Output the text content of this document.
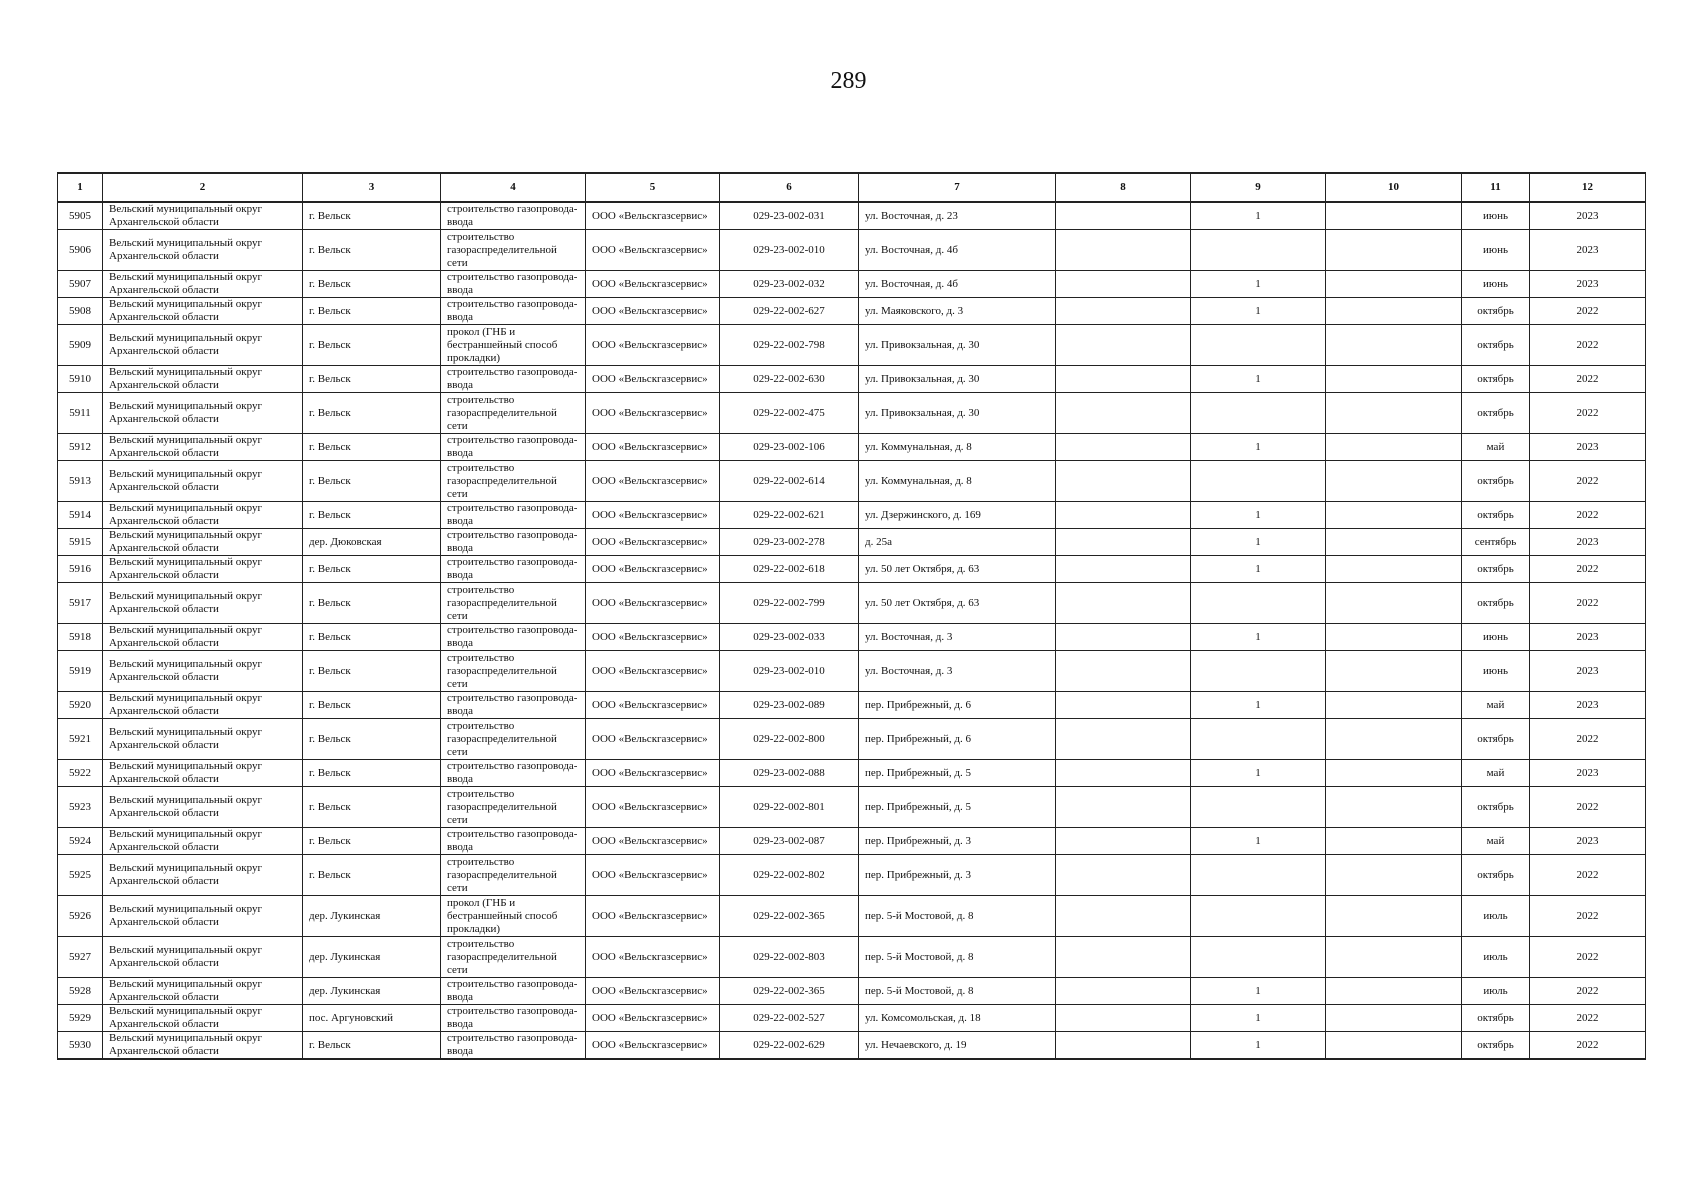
289
1	2	3	4	5	6	7	8	9	10	11	12
5905	Вельский муниципальный округ Архангельской области	г. Вельск	строительство газопровода-ввода	ООО «Вельскгазсервис»	029-23-002-031	ул. Восточная, д. 23		1		июнь	2023
5906	Вельский муниципальный округ Архангельской области	г. Вельск	строительство газораспределительной сети	ООО «Вельскгазсервис»	029-23-002-010	ул. Восточная, д. 4б				июнь	2023
5907	Вельский муниципальный округ Архангельской области	г. Вельск	строительство газопровода-ввода	ООО «Вельскгазсервис»	029-23-002-032	ул. Восточная, д. 4б		1		июнь	2023
5908	Вельский муниципальный округ Архангельской области	г. Вельск	строительство газопровода-ввода	ООО «Вельскгазсервис»	029-22-002-627	ул. Маяковского, д. 3		1		октябрь	2022
5909	Вельский муниципальный округ Архангельской области	г. Вельск	прокол (ГНБ и бестраншейный способ прокладки)	ООО «Вельскгазсервис»	029-22-002-798	ул. Привокзальная, д. 30				октябрь	2022
5910	Вельский муниципальный округ Архангельской области	г. Вельск	строительство газопровода-ввода	ООО «Вельскгазсервис»	029-22-002-630	ул. Привокзальная, д. 30		1		октябрь	2022
5911	Вельский муниципальный округ Архангельской области	г. Вельск	строительство газораспределительной сети	ООО «Вельскгазсервис»	029-22-002-475	ул. Привокзальная, д. 30				октябрь	2022
5912	Вельский муниципальный округ Архангельской области	г. Вельск	строительство газопровода-ввода	ООО «Вельскгазсервис»	029-23-002-106	ул. Коммунальная, д. 8		1		май	2023
5913	Вельский муниципальный округ Архангельской области	г. Вельск	строительство газораспределительной сети	ООО «Вельскгазсервис»	029-22-002-614	ул. Коммунальная, д. 8				октябрь	2022
5914	Вельский муниципальный округ Архангельской области	г. Вельск	строительство газопровода-ввода	ООО «Вельскгазсервис»	029-22-002-621	ул. Дзержинского, д. 169		1		октябрь	2022
5915	Вельский муниципальный округ Архангельской области	дер. Дюковская	строительство газопровода-ввода	ООО «Вельскгазсервис»	029-23-002-278	д. 25а		1		сентябрь	2023
5916	Вельский муниципальный округ Архангельской области	г. Вельск	строительство газопровода-ввода	ООО «Вельскгазсервис»	029-22-002-618	ул. 50 лет Октября, д. 63		1		октябрь	2022
5917	Вельский муниципальный округ Архангельской области	г. Вельск	строительство газораспределительной сети	ООО «Вельскгазсервис»	029-22-002-799	ул. 50 лет Октября, д. 63				октябрь	2022
5918	Вельский муниципальный округ Архангельской области	г. Вельск	строительство газопровода-ввода	ООО «Вельскгазсервис»	029-23-002-033	ул. Восточная, д. 3		1		июнь	2023
5919	Вельский муниципальный округ Архангельской области	г. Вельск	строительство газораспределительной сети	ООО «Вельскгазсервис»	029-23-002-010	ул. Восточная, д. 3				июнь	2023
5920	Вельский муниципальный округ Архангельской области	г. Вельск	строительство газопровода-ввода	ООО «Вельскгазсервис»	029-23-002-089	пер. Прибрежный, д. 6		1		май	2023
5921	Вельский муниципальный округ Архангельской области	г. Вельск	строительство газораспределительной сети	ООО «Вельскгазсервис»	029-22-002-800	пер. Прибрежный, д. 6				октябрь	2022
5922	Вельский муниципальный округ Архангельской области	г. Вельск	строительство газопровода-ввода	ООО «Вельскгазсервис»	029-23-002-088	пер. Прибрежный, д. 5		1		май	2023
5923	Вельский муниципальный округ Архангельской области	г. Вельск	строительство газораспределительной сети	ООО «Вельскгазсервис»	029-22-002-801	пер. Прибрежный, д. 5				октябрь	2022
5924	Вельский муниципальный округ Архангельской области	г. Вельск	строительство газопровода-ввода	ООО «Вельскгазсервис»	029-23-002-087	пер. Прибрежный, д. 3		1		май	2023
5925	Вельский муниципальный округ Архангельской области	г. Вельск	строительство газораспределительной сети	ООО «Вельскгазсервис»	029-22-002-802	пер. Прибрежный, д. 3				октябрь	2022
5926	Вельский муниципальный округ Архангельской области	дер. Лукинская	прокол (ГНБ и бестраншейный способ прокладки)	ООО «Вельскгазсервис»	029-22-002-365	пер. 5-й Мостовой, д. 8				июль	2022
5927	Вельский муниципальный округ Архангельской области	дер. Лукинская	строительство газораспределительной сети	ООО «Вельскгазсервис»	029-22-002-803	пер. 5-й Мостовой, д. 8				июль	2022
5928	Вельский муниципальный округ Архангельской области	дер. Лукинская	строительство газопровода-ввода	ООО «Вельскгазсервис»	029-22-002-365	пер. 5-й Мостовой, д. 8		1		июль	2022
5929	Вельский муниципальный округ Архангельской области	пос. Аргуновский	строительство газопровода-ввода	ООО «Вельскгазсервис»	029-22-002-527	ул. Комсомольская, д. 18		1		октябрь	2022
5930	Вельский муниципальный округ Архангельской области	г. Вельск	строительство газопровода-ввода	ООО «Вельскгазсервис»	029-22-002-629	ул. Нечаевского, д. 19		1		октябрь	2022
